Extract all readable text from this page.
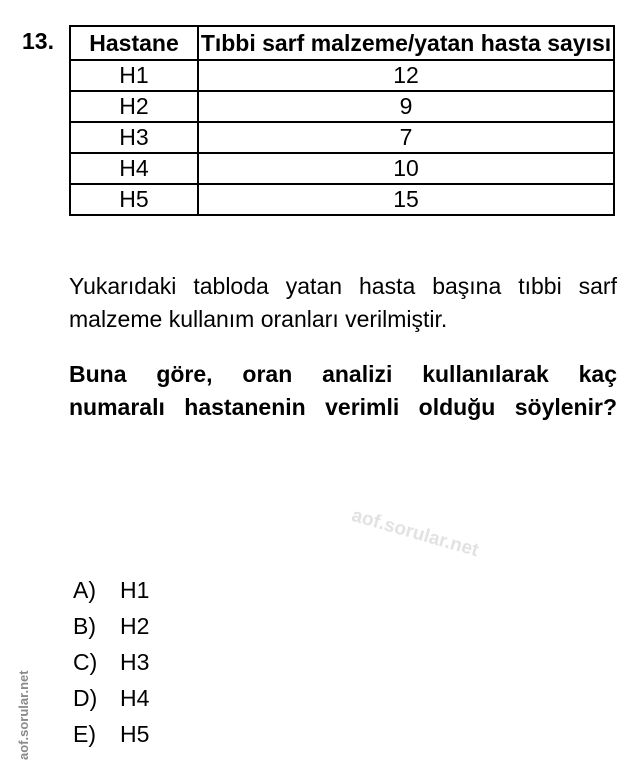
13. Hastane	Tıbbi sarf malzeme/yatan hasta sayısı
H1	12
H2	9
H3	7
H4	10
H5	15
Yukarıdaki tabloda yatan hasta başına tıbbi sarf
malzeme kullanım oranları verilmiştir.
Buna göre, oran analizi kullanılarak kaç
numaralı hastanenin verimli olduğu söylenir?
aof.sorular.net
aof.sorular.net
A) H1
B) H2
C) H3
D) H4
E) H5
